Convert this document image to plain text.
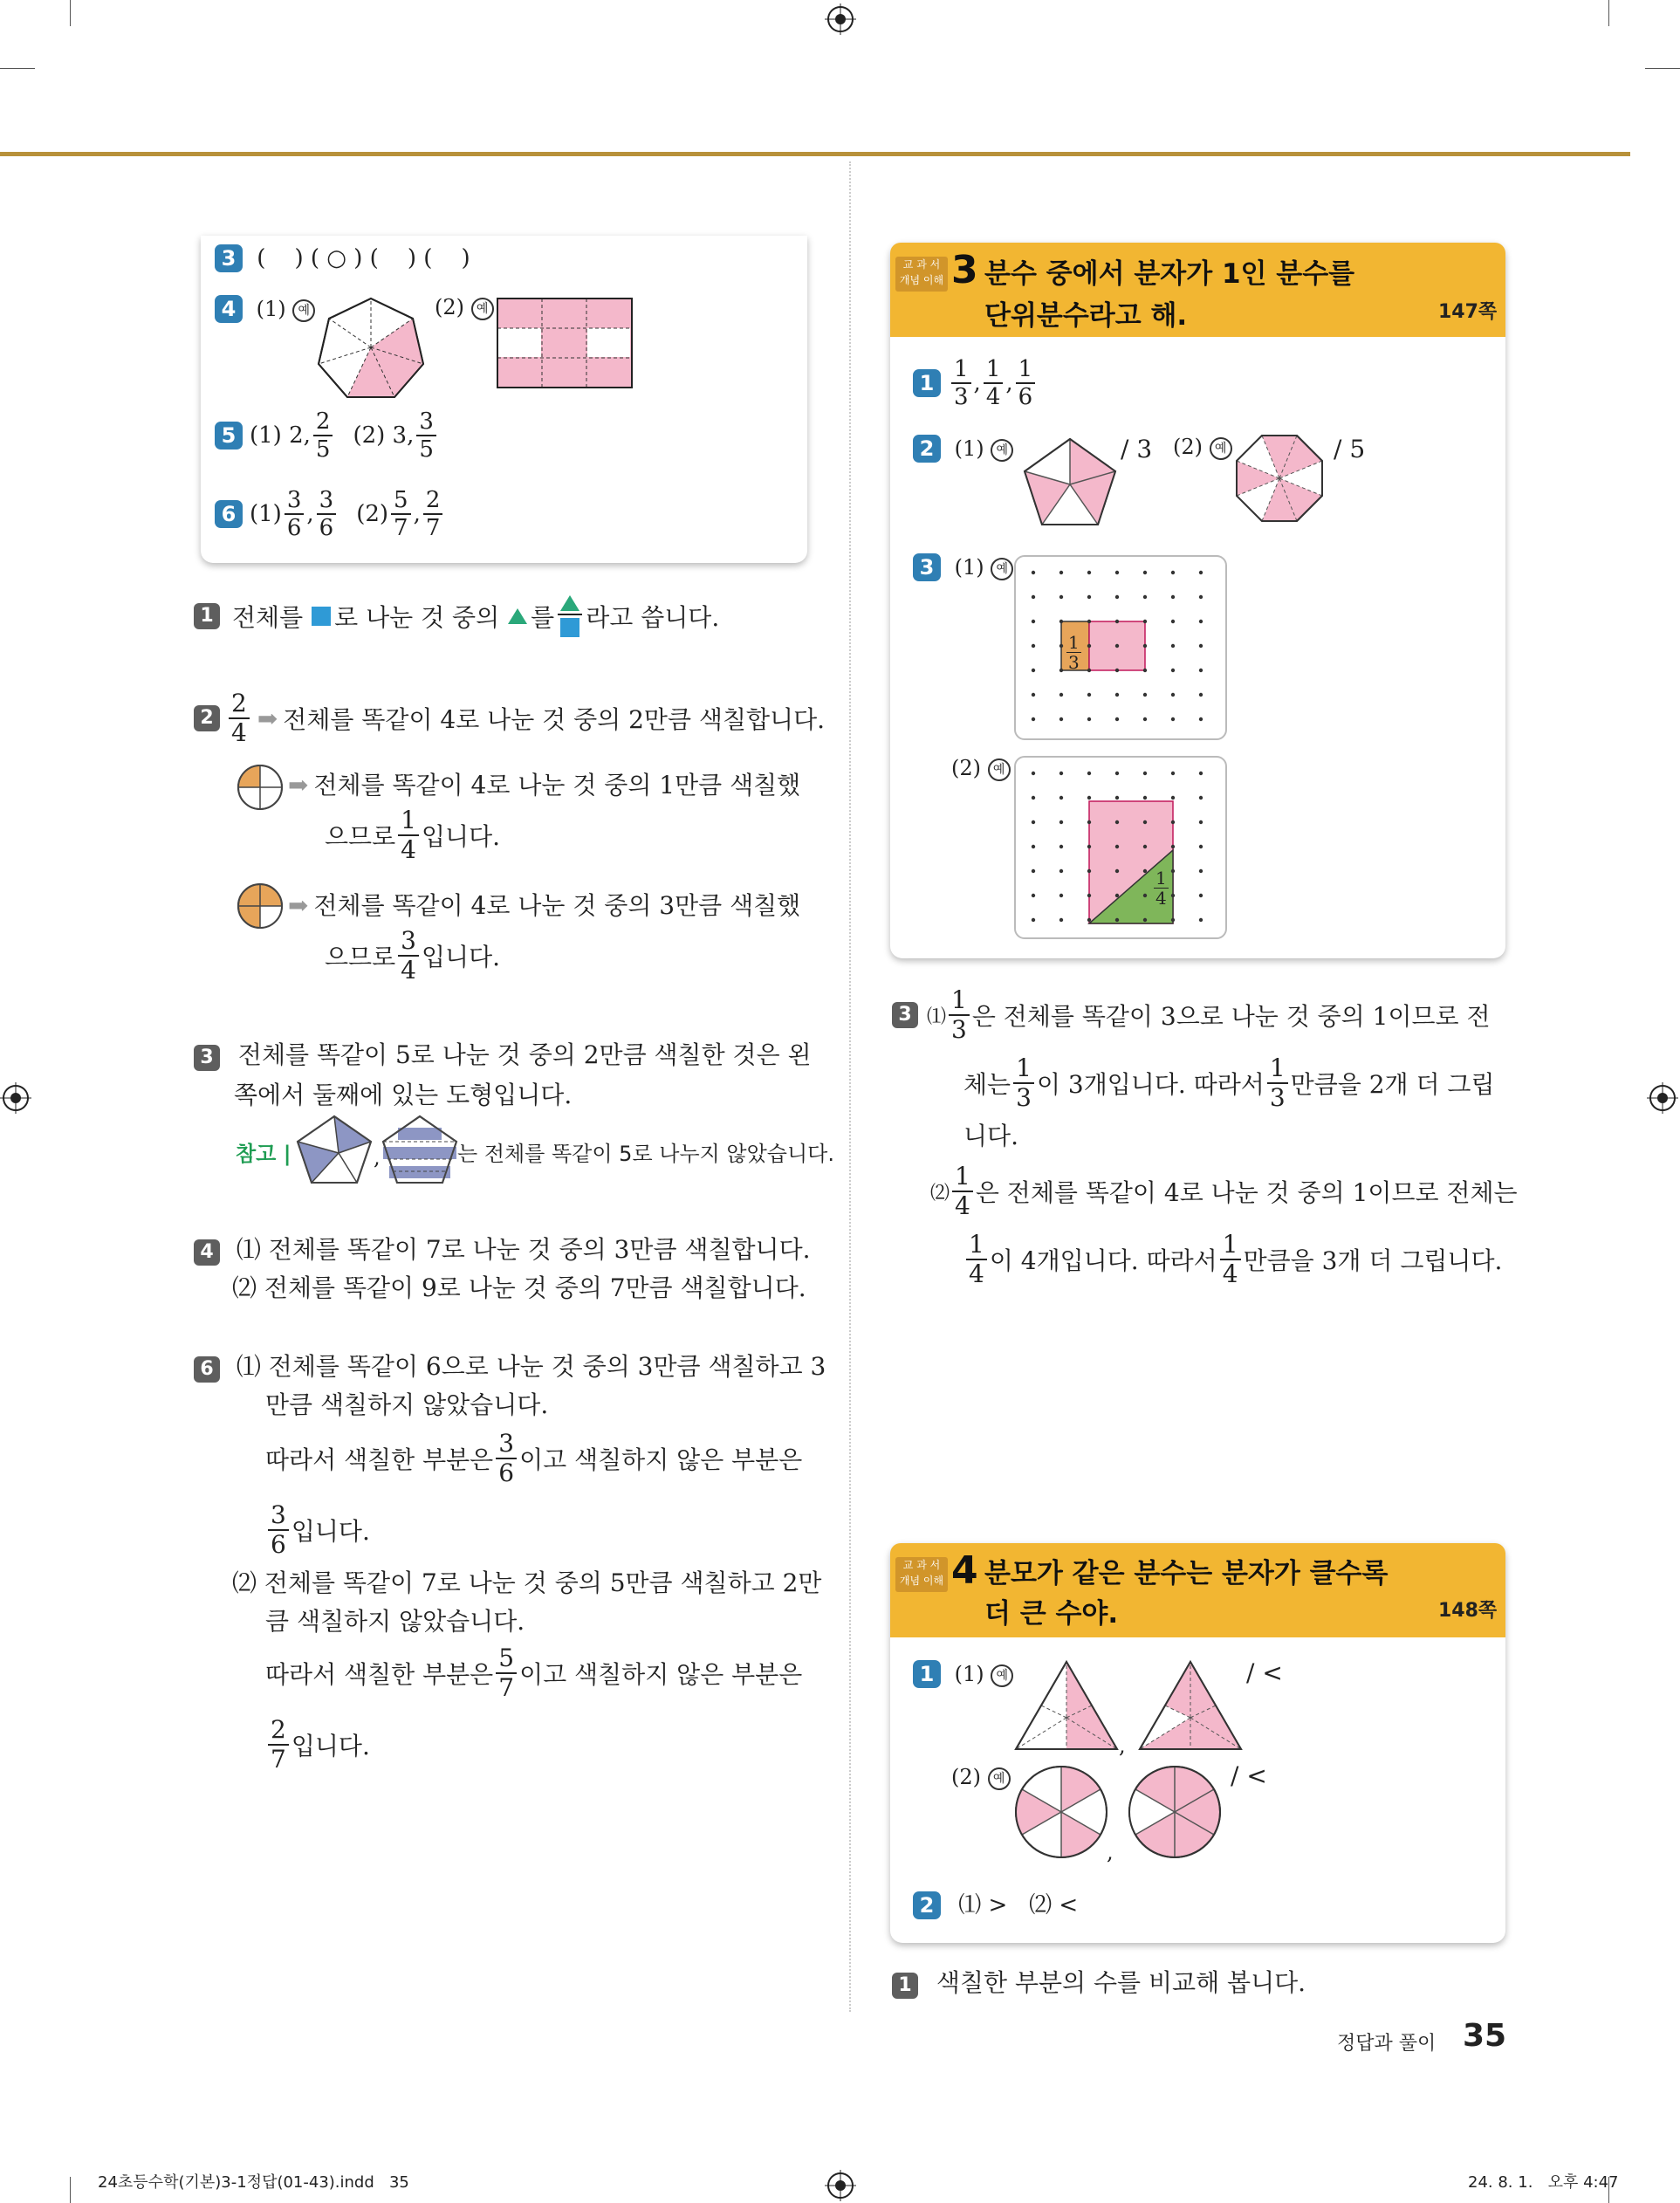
3 (    ) ( ○ ) (    ) (    )
4 (1) 예	(2) 예
5 (1) 2, $\frac{2}{5} (2)$ 3, $\frac{3}{5}$
6 $(1) \frac{3}{6}$ , $\frac{3}{6} (2) \frac{5}{7}$ , $\frac{2}{7}$
1 전체를 로 나눈 것 중의 를 라고 씁니다.
$2 \frac{2}{4}$ ➡ 전체를 똑같이 4로 나눈 것 중의 2만큼 색칠합니다.
➡ 전체를 똑같이 4로 나눈 것 중의 1만큼 색칠했
으므로 $\frac{1}{4}$ 입니다.
➡ 전체를 똑같이 4로 나눈 것 중의 3만큼 색칠했
으므로 $\frac{3}{4}$ 입니다.
3 전체를 똑같이 5로 나눈 것 중의 2만큼 색칠한 것은 왼
쪽에서 둘째에 있는 도형입니다.
참고 |	,	는 전체를 똑같이 5로 나누지 않았습니다.
4 ⑴ 전체를 똑같이 7로 나눈 것 중의 3만큼 색칠합니다.
⑵ 전체를 똑같이 9로 나눈 것 중의 7만큼 색칠합니다.
6 ⑴ 전체를 똑같이 6으로 나눈 것 중의 3만큼 색칠하고 3
만큼 색칠하지 않았습니다.
따라서 색칠한 부분은 $\frac{3}{6}$ 이고 색칠하지 않은 부분은
$\frac{3}{6}$ 입니다.
⑵ 전체를 똑같이 7로 나눈 것 중의 5만큼 색칠하고 2만
큼 색칠하지 않았습니다.
따라서 색칠한 부분은 $\frac{5}{7}$ 이고 색칠하지 않은 부분은
$\frac{2}{7}$ 입니다.
교 과 서
개념 이해 3 분수 중에서 분자가 1인 분수를
단위분수라고 해.	147쪽
$1 \frac{1}{3}$ , $\frac{1}{4}$ , $\frac{1}{6}$
2 (1) 예	/ 3 (2) 예	/ 5
3 (1) 예
1
3
(2) 예
1
4
3 ⑴ $\frac{1}{3}$ 은 전체를 똑같이 3으로 나눈 것 중의 1이므로 전
체는 $\frac{1}{3}$ 이 3개입니다. 따라서 $\frac{1}{3}$ 만큼을 2개 더 그립
니다.
⑵ $\frac{1}{4}$ 은 전체를 똑같이 4로 나눈 것 중의 1이므로 전체는
$\frac{1}{4}$ 이 4개입니다. 따라서 $\frac{1}{4}$ 만큼을 3개 더 그립니다.
교 과 서
개념 이해 4 분모가 같은 분수는 분자가 클수록
더 큰 수야.	148쪽
1 (1) 예
,
/ <
(2) 예
,
/ <
2 ⑴ >   ⑵ <
1 색칠한 부분의 수를 비교해 봅니다.
정답과 풀이 35
24초등수학(기본)3-1정답(01-43).indd   35	24. 8. 1.   오후 4:47
